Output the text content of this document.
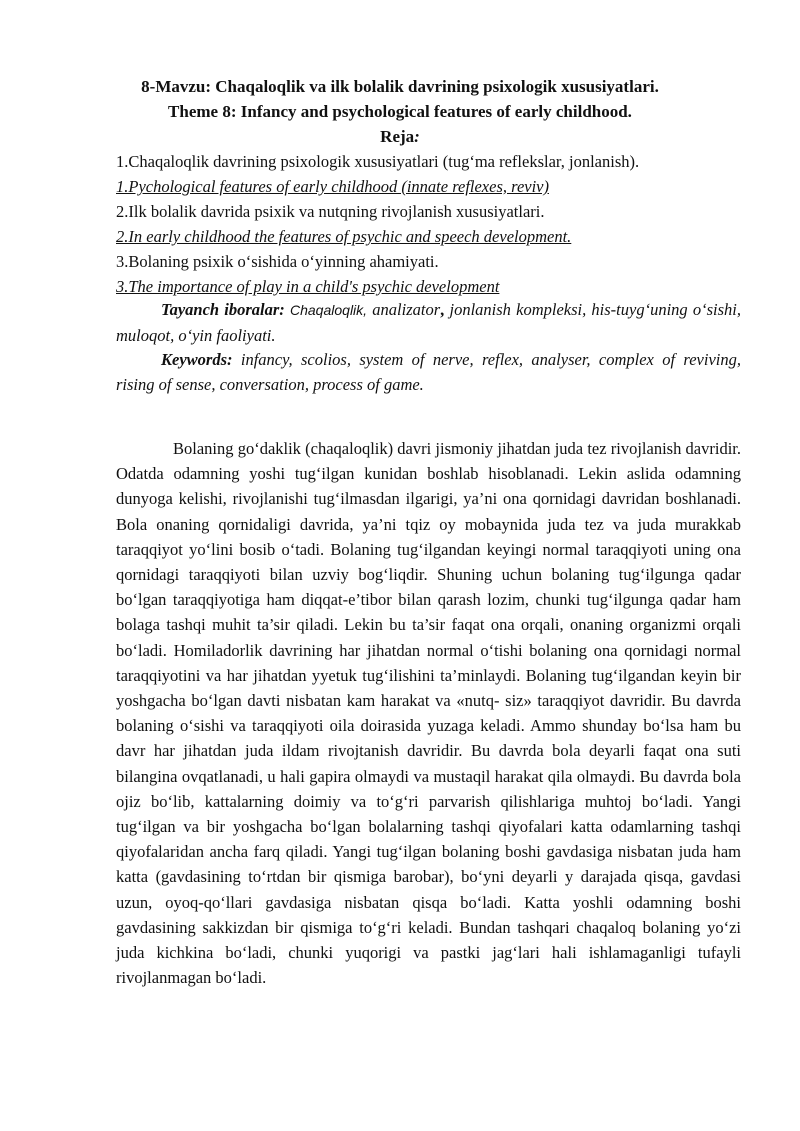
8-Mavzu: Chaqaloqlik va ilk bolalik davrining psixologik xususiyatlari.
Theme 8: Infancy and psychological features of early childhood.
Reja:
1.Chaqaloqlik davrining psixologik xususiyatlari (tug‘ma reflekslar, jonlanish).
1.Pychological features of early childhood (innate reflexes, reviv)
2.Ilk bolalik davrida psixik va nutqning rivojlanish xususiyatlari.
2.In early childhood the features of psychic and speech development.
3.Bolaning psixik o‘sishida o‘yinning ahamiyati.
3.The importance of play in a child's psychic development
Tayanch iboralar: Chaqaloqlik, analizator, jonlanish kompleksi, his-tuyg‘uning o‘sishi, muloqot, o‘yin faoliyati.
Keywords: infancy, scolios, system of nerve, reflex, analyser, complex of reviving, rising of sense, conversation, process of game.

Bolaning go‘daklik (chaqaloqlik) davri jismoniy jihatdan juda tez rivojlanish davridir. Odatda odamning yoshi tug‘ilgan kunidan boshlab hisoblanadi. Lekin aslida odamning dunyoga kelishi, rivojlanishi tug‘ilmasdan ilgarigi, ya’ni ona qornidagi davridan boshlanadi. Bola onaning qornidaligi davrida, ya’ni tqiz oy mobaynida juda tez va juda murakkab taraqqiyot yo‘lini bosib o‘tadi. Bolaning tug‘ilgandan keyingi normal taraqqiyoti uning ona qornidagi taraqqiyoti bilan uzviy bog‘liqdir. Shuning uchun bolaning tug‘ilgunga qadar bo‘lgan taraqqiyotiga ham diqqat-e’tibor bilan qarash lozim, chunki tug‘ilgunga qadar ham bolaga tashqi muhit ta’sir qiladi. Lekin bu ta’sir faqat ona orqali, onaning organizmi orqali bo‘ladi. Homiladorlik davrining har jihatdan normal o‘tishi bolaning ona qornidagi normal taraqqiyotini va har jihatdan yyetuk tug‘ilishini ta’minlaydi. Bolaning tug‘ilgandan keyin bir yoshgacha bo‘lgan davti nisbatan kam harakat va «nutq- siz» taraqqiyot davridir. Bu davrda bolaning o‘sishi va taraqqiyoti oila doirasida yuzaga keladi. Ammo shunday bo‘lsa ham bu davr har jihatdan juda ildam rivojtanish davridir. Bu davrda bola deyarli faqat ona suti bilangina ovqatlanadi, u hali gapira olmaydi va mustaqil harakat qila olmaydi. Bu davrda bola ojiz bo‘lib, kattalarning doimiy va to‘g‘ri parvarish qilishlariga muhtoj bo‘ladi. Yangi tug‘ilgan va bir yoshgacha bo‘lgan bolalarning tashqi qiyofalari katta odamlarning tashqi qiyofalaridan ancha farq qiladi. Yangi tug‘ilgan bolaning boshi gavdasiga nisbatan juda ham katta (gavdasining to‘rtdan bir qismiga barobar), bo‘yni deyarli y darajada qisqa, gavdasi uzun, oyoq-qo‘llari gavdasiga nisbatan qisqa bo‘ladi. Katta yoshli odamning boshi gavdasining sakkizdan bir qismiga to‘g‘ri keladi. Bundan tashqari chaqaloq bolaning yo‘zi juda kichkina bo‘ladi, chunki yuqorigi va pastki jag‘lari hali ishlamaganligi tufayli rivojlanmagan bo‘ladi.
